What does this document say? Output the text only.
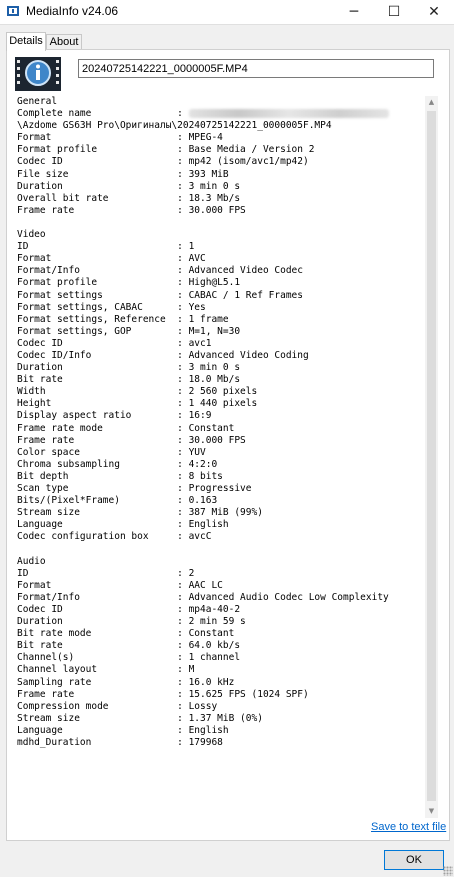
MediaInfo v24.06	─	☐	✕
Details About
20240725142221_0000005F.MP4
General
Complete name               :
\Azdome GS63H Pro\Оригиналы\20240725142221_0000005F.MP4
Format                      : MPEG-4
Format profile              : Base Media / Version 2
Codec ID                    : mp42 (isom/avc1/mp42)
File size                   : 393 MiB
Duration                    : 3 min 0 s
Overall bit rate            : 18.3 Mb/s
Frame rate                  : 30.000 FPS

Video
ID                          : 1
Format                      : AVC
Format/Info                 : Advanced Video Codec
Format profile              : High@L5.1
Format settings             : CABAC / 1 Ref Frames
Format settings, CABAC      : Yes
Format settings, Reference  : 1 frame
Format settings, GOP        : M=1, N=30
Codec ID                    : avc1
Codec ID/Info               : Advanced Video Coding
Duration                    : 3 min 0 s
Bit rate                    : 18.0 Mb/s
Width                       : 2 560 pixels
Height                      : 1 440 pixels
Display aspect ratio        : 16:9
Frame rate mode             : Constant
Frame rate                  : 30.000 FPS
Color space                 : YUV
Chroma subsampling          : 4:2:0
Bit depth                   : 8 bits
Scan type                   : Progressive
Bits/(Pixel*Frame)          : 0.163
Stream size                 : 387 MiB (99%)
Language                    : English
Codec configuration box     : avcC

Audio
ID                          : 2
Format                      : AAC LC
Format/Info                 : Advanced Audio Codec Low Complexity
Codec ID                    : mp4a-40-2
Duration                    : 2 min 59 s
Bit rate mode               : Constant
Bit rate                    : 64.0 kb/s
Channel(s)                  : 1 channel
Channel layout              : M
Sampling rate               : 16.0 kHz
Frame rate                  : 15.625 FPS (1024 SPF)
Compression mode            : Lossy
Stream size                 : 1.37 MiB (0%)
Language                    : English
mdhd_Duration               : 179968

▲
▼
Save to text file
OK
